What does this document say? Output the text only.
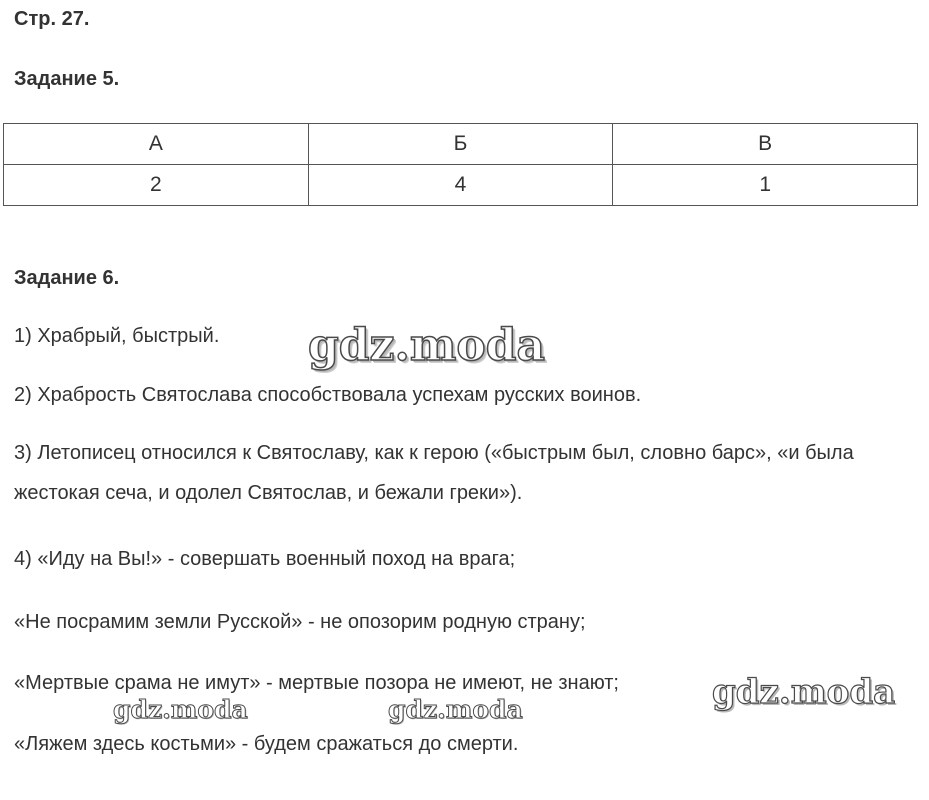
Стр. 27.
Задание 5.
А	Б	В
2	4	1
Задание 6.
1) Храбрый, быстрый.
2) Храбрость Святослава способствовала успехам русских воинов.
3) Летописец относился к Святославу, как к герою («быстрым был, словно барс», «и была жестокая сеча, и одолел Святослав, и бежали греки»).
4) «Иду на Вы!» - совершать военный поход на врага;
«Не посрамим земли Русской» - не опозорим родную страну;
«Мертвые срама не имут» - мертвые позора не имеют, не знают;
«Ляжем здесь костьми» - будем сражаться до смерти.
gdz.moda
gdz.moda
gdz.moda	gdz.moda
